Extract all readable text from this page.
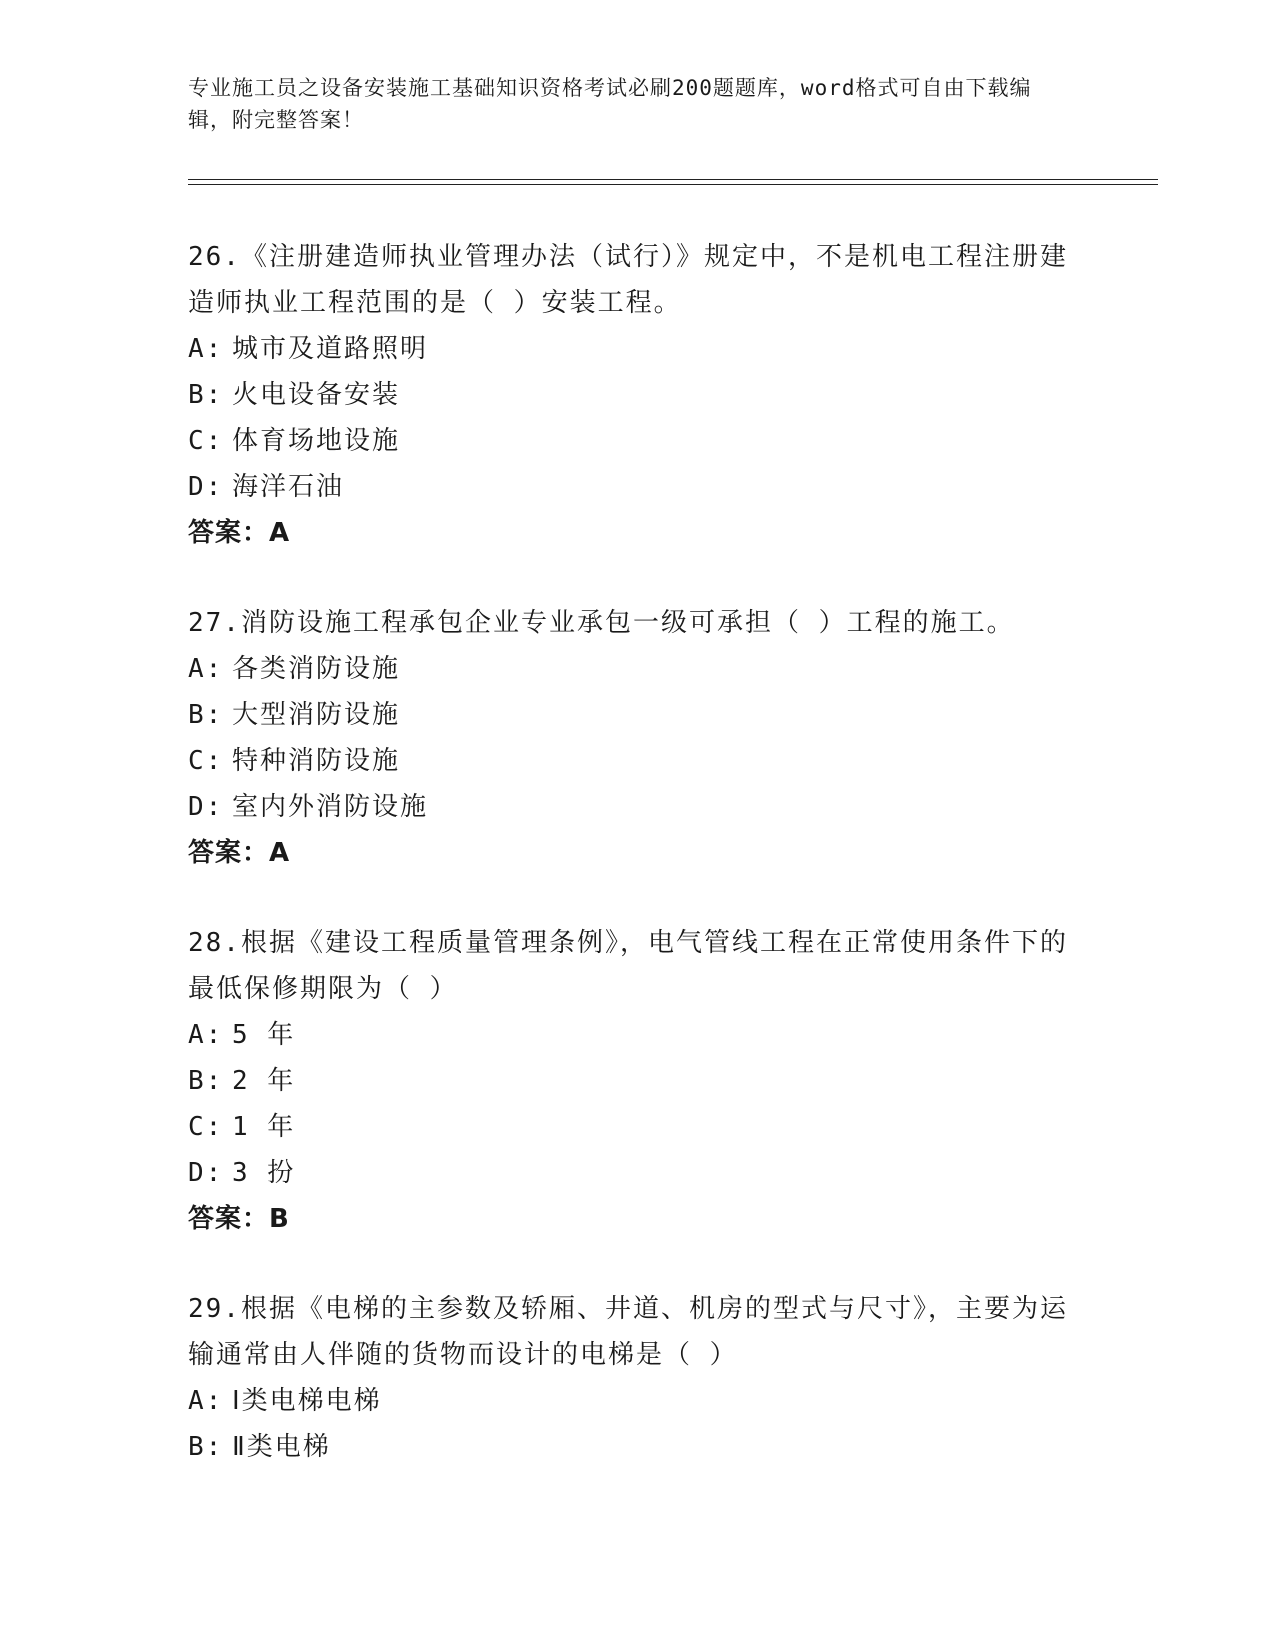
专业施工员之设备安装施工基础知识资格考试必刷200题题库，word格式可自由下载编辑，附完整答案！
26.《注册建造师执业管理办法（试行）》规定中，不是机电工程注册建造师执业工程范围的是（ ）安装工程。
A: 城市及道路照明
B: 火电设备安装
C: 体育场地设施
D: 海洋石油
答案：A
27.消防设施工程承包企业专业承包一级可承担（ ）工程的施工。
A: 各类消防设施
B: 大型消防设施
C: 特种消防设施
D: 室内外消防设施
答案：A
28.根据《建设工程质量管理条例》，电气管线工程在正常使用条件下的最低保修期限为（ ）
A: 5 年
B: 2 年
C: 1 年
D: 3 扮
答案：B
29.根据《电梯的主参数及轿厢、井道、机房的型式与尺寸》，主要为运输通常由人伴随的货物而设计的电梯是（ ）
A: Ⅰ类电梯电梯
B: Ⅱ类电梯
